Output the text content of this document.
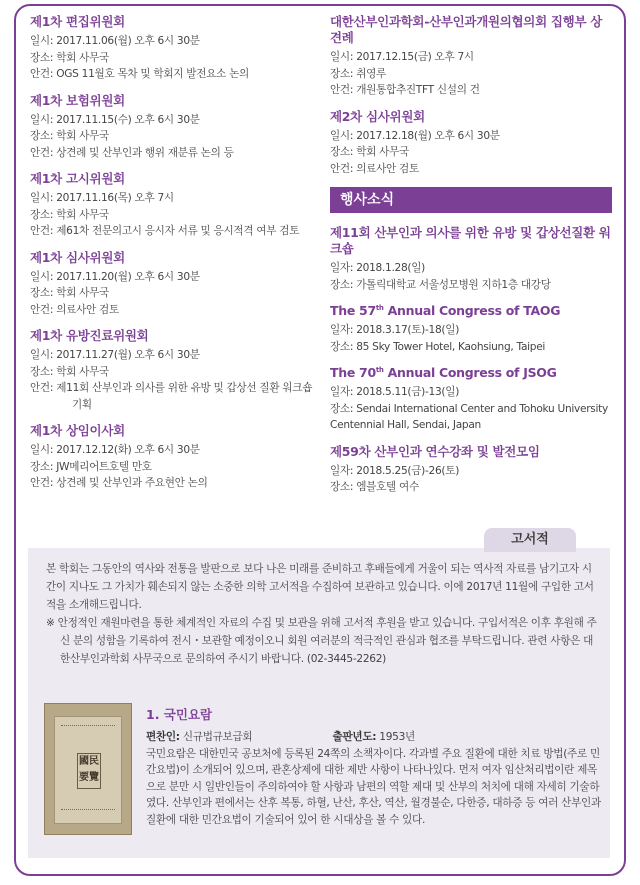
제1차 편집위원회
일시: 2017.11.06(월) 오후 6시 30분
장소: 학회 사무국
안건: OGS 11월호 목차 및 학회지 발전요소 논의
제1차 보험위원회
일시: 2017.11.15(수) 오후 6시 30분
장소: 학회 사무국
안건: 상견례 및 산부인과 행위 재분류 논의 등
제1차 고시위원회
일시: 2017.11.16(목) 오후 7시
장소: 학회 사무국
안건: 제61차 전문의고시 응시자 서류 및 응시적격 여부 검토
제1차 심사위원회
일시: 2017.11.20(월) 오후 6시 30분
장소: 학회 사무국
안건: 의료사안 검토
제1차 유방진료위원회
일시: 2017.11.27(월) 오후 6시 30분
장소: 학회 사무국
안건: 제11회 산부인과 의사를 위한 유방 및 갑상선 질환 워크숍 기획
제1차 상임이사회
일시: 2017.12.12(화) 오후 6시 30분
장소: JW메리어트호텔 만호
안건: 상견례 및 산부인과 주요현안 논의
대한산부인과학회-산부인과개원의협의회 집행부 상견례
일시: 2017.12.15(금) 오후 7시
장소: 취영루
안건: 개원통합추진TFT 신설의 건
제2차 심사위원회
일시: 2017.12.18(월) 오후 6시 30분
장소: 학회 사무국
안건: 의료사안 검토
행사소식
제11회 산부인과 의사를 위한 유방 및 갑상선질환 워크숍
일자: 2018.1.28(일)
장소: 가톨릭대학교 서울성모병원 지하1층 대강당
The 57th Annual Congress of TAOG
일자: 2018.3.17(토)-18(일)
장소: 85 Sky Tower Hotel, Kaohsiung, Taipei
The 70th Annual Congress of JSOG
일자: 2018.5.11(금)-13(일)
장소: Sendai International Center and Tohoku University Centennial Hall, Sendai, Japan
제59차 산부인과 연수강좌 및 발전모임
일자: 2018.5.25(금)-26(토)
장소: 엠블호텔 여수
고서적
본 학회는 그동안의 역사와 전통을 발판으로 보다 나은 미래를 준비하고 후배들에게 거울이 되는 역사적 자료를 남기고자 시간이 지나도 그 가치가 훼손되지 않는 소중한 의학 고서적을 수집하여 보관하고 있습니다. 이에 2017년 11월에 구입한 고서적을 소개해드립니다.
※ 안정적인 재원마련을 통한 체계적인 자료의 수집 및 보관을 위해 고서적 후원을 받고 있습니다. 구입서적은 이후 후원해 주신 분의 성함을 기록하여 전시・보관할 예정이오니 회원 여러분의 적극적인 관심과 협조를 부탁드립니다. 관련 사항은 대한산부인과학회 사무국으로 문의하여 주시기 바랍니다. (02-3445-2262)
國民要覽
1. 국민요람
편찬인: 신규법규보급회	출판년도: 1953년
국민요람은 대한민국 공보처에 등록된 24쪽의 소책자이다. 각과별 주요 질환에 대한 치료 방법(주로 민간요법)이 소개되어 있으며, 관혼상제에 대한 제반 사항이 나타나있다. 먼저 여자 임산처리법이란 제목으로 분만 시 일반인들이 주의하여야 할 사항과 남편의 역할 제대 및 산부의 처치에 대해 자세히 기술하였다. 산부인과 편에서는 산후 복통, 하혈, 난산, 후산, 역산, 월경불순, 다한증, 대하증 등 여러 산부인과 질환에 대한 민간요법이 기술되어 있어 한 시대상을 볼 수 있다.
